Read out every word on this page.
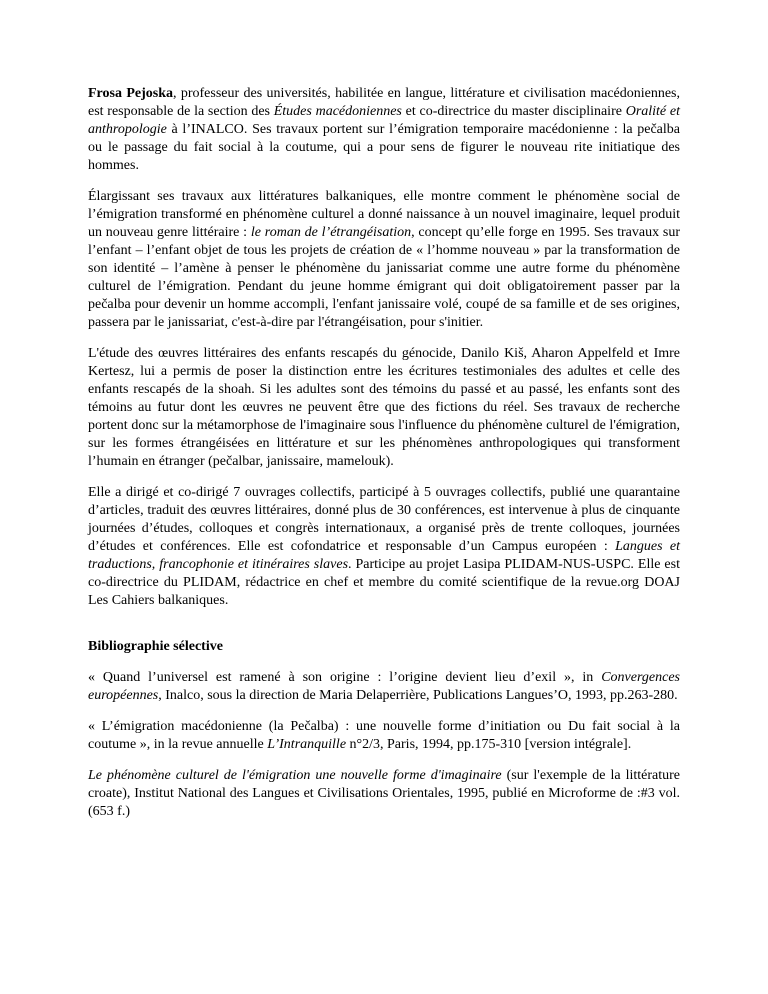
Frosa Pejoska, professeur des universités, habilitée en langue, littérature et civilisation macédoniennes, est responsable de la section des Études macédoniennes et co-directrice du master disciplinaire Oralité et anthropologie à l’INALCO. Ses travaux portent sur l’émigration temporaire macédonienne : la pečalba ou le passage du fait social à la coutume, qui a pour sens de figurer le nouveau rite initiatique des hommes.

Élargissant ses travaux aux littératures balkaniques, elle montre comment le phénomène social de l’émigration transformé en phénomène culturel a donné naissance à un nouvel imaginaire, lequel produit un nouveau genre littéraire : le roman de l’étrangéisation, concept qu’elle forge en 1995. Ses travaux sur l’enfant – l’enfant objet de tous les projets de création de « l’homme nouveau » par la transformation de son identité – l’amène à penser le phénomène du janissariat comme une autre forme du phénomène culturel de l’émigration. Pendant du jeune homme émigrant qui doit obligatoirement passer par la pečalba pour devenir un homme accompli, l'enfant janissaire volé, coupé de sa famille et de ses origines, passera par le janissariat, c'est-à-dire par l'étrangéisation, pour s'initier.

L'étude des œuvres littéraires des enfants rescapés du génocide, Danilo Kiš, Aharon Appelfeld et Imre Kertesz, lui a permis de poser la distinction entre les écritures testimoniales des adultes et celle des enfants rescapés de la shoah. Si les adultes sont des témoins du passé et au passé, les enfants sont des témoins au futur dont les œuvres ne peuvent être que des fictions du réel. Ses travaux de recherche portent donc sur la métamorphose de l'imaginaire sous l'influence du phénomène culturel de l'émigration, sur les formes étrangéisées en littérature et sur les phénomènes anthropologiques qui transforment l’humain en étranger (pečalbar, janissaire, mamelouk).

Elle a dirigé et co-dirigé 7 ouvrages collectifs, participé à 5 ouvrages collectifs, publié une quarantaine d’articles, traduit des œuvres littéraires, donné plus de 30 conférences, est intervenue à plus de cinquante journées d’études, colloques et congrès internationaux, a organisé près de trente colloques, journées d’études et conférences. Elle est cofondatrice et responsable d’un Campus européen : Langues et traductions, francophonie et itinéraires slaves. Participe au projet Lasipa PLIDAM-NUS-USPC. Elle est co-directrice du PLIDAM, rédactrice en chef et membre du comité scientifique de la revue.org DOAJ Les Cahiers balkaniques.

Bibliographie sélective

« Quand l’universel est ramené à son origine : l’origine devient lieu d’exil », in Convergences européennes, Inalco, sous la direction de Maria Delaperrière, Publications Langues’O, 1993, pp.263-280.

« L’émigration macédonienne (la Pečalba) : une nouvelle forme d’initiation ou Du fait social à la coutume », in la revue annuelle L’Intranquille n°2/3, Paris, 1994, pp.175-310 [version intégrale].

Le phénomène culturel de l'émigration une nouvelle forme d'imaginaire (sur l'exemple de la littérature croate), Institut National des Langues et Civilisations Orientales, 1995, publié en Microforme de :#3 vol. (653 f.)
